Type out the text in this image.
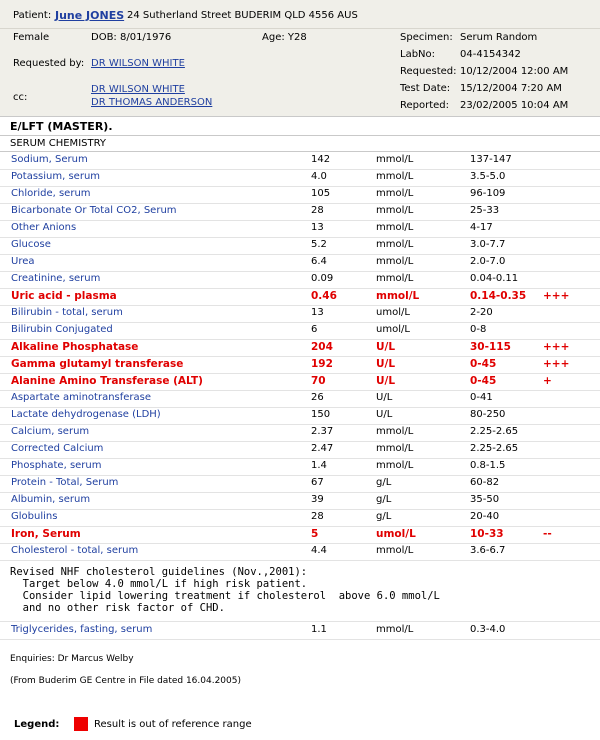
Patient: June JONES 24 Sutherland Street BUDERIM QLD 4556 AUS
Female	DOB: 8/01/1976	Age: Y28
Requested by: DR WILSON WHITE
cc:
DR WILSON WHITE
DR THOMAS ANDERSON
Specimen: Serum Random
LabNo: 04-4154342
Requested: 10/12/2004 12:00 AM
Test Date: 15/12/2004 7:20 AM
Reported: 23/02/2005 10:04 AM
E/LFT (MASTER).
SERUM CHEMISTRY
Sodium, Serum	142	mmol/L	137-147
Potassium, serum	4.0	mmol/L	3.5-5.0
Chloride, serum	105	mmol/L	96-109
Bicarbonate Or Total CO2, Serum	28	mmol/L	25-33
Other Anions	13	mmol/L	4-17
Glucose	5.2	mmol/L	3.0-7.7
Urea	6.4	mmol/L	2.0-7.0
Creatinine, serum	0.09	mmol/L	0.04-0.11
Uric acid - plasma	0.46	mmol/L	0.14-0.35 +++
Bilirubin - total, serum	13	umol/L	2-20
Bilirubin Conjugated	6	umol/L	0-8
Alkaline Phosphatase	204	U/L	30-115	+++
Gamma glutamyl transferase	192	U/L	0-45	+++
Alanine Amino Transferase (ALT)	70	U/L	0-45	+
Aspartate aminotransferase	26	U/L	0-41
Lactate dehydrogenase (LDH)	150	U/L	80-250
Calcium, serum	2.37	mmol/L	2.25-2.65
Corrected Calcium	2.47	mmol/L	2.25-2.65
Phosphate, serum	1.4	mmol/L	0.8-1.5
Protein - Total, Serum	67	g/L	60-82
Albumin, serum	39	g/L	35-50
Globulins	28	g/L	20-40
Iron, Serum	5	umol/L	10-33	--
Cholesterol - total, serum	4.4	mmol/L	3.6-6.7
Revised NHF cholesterol guidelines (Nov.,2001):
Target below 4.0 mmol/L if high risk patient.
Consider lipid lowering treatment if cholesterol  above 6.0 mmol/L
and no other risk factor of CHD.
Triglycerides, fasting, serum	1.1	mmol/L	0.3-4.0
Enquiries: Dr Marcus Welby
(From Buderim GE Centre in File dated 16.04.2005)
Legend:	Result is out of reference range
